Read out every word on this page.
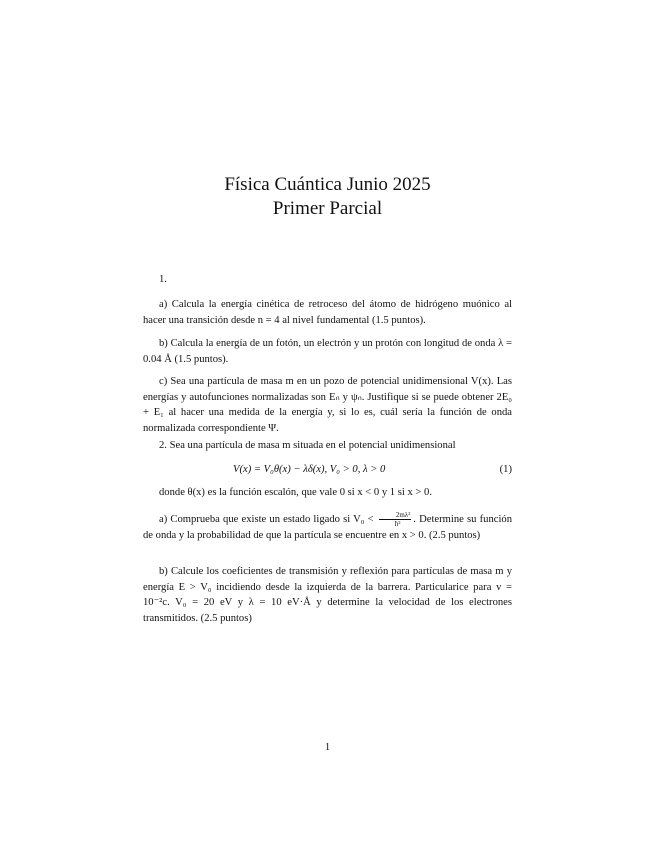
Física Cuántica Junio 2025
Primer Parcial
1.
a) Calcula la energía cinética de retroceso del átomo de hidrógeno muónico al hacer una transición desde n = 4 al nivel fundamental (1.5 puntos).
b) Calcula la energía de un fotón, un electrón y un protón con longitud de onda λ = 0.04 Å (1.5 puntos).
c) Sea una partícula de masa m en un pozo de potencial unidimensional V(x). Las energías y autofunciones normalizadas son Eₙ y ψₙ. Justifique si se puede obtener 2E₀ + E₁ al hacer una medida de la energía y, si lo es, cuál sería la función de onda normalizada correspondiente Ψ.
2. Sea una partícula de masa m situada en el potencial unidimensional
V(x) = V₀θ(x) − λδ(x), V₀ > 0, λ > 0	(1)
donde θ(x) es la función escalón, que vale 0 si x < 0 y 1 si x > 0.
a) Comprueba que existe un estado ligado si $V_0 < \frac{\text{2mλ²}}{\text{ħ²}}$ . Determine su función de onda y la probabilidad de que la partícula se encuentre en x > 0. (2.5 puntos)
b) Calcule los coeficientes de transmisión y reflexión para partículas de masa m y energía E > V₀ incidiendo desde la izquierda de la barrera. Particularice para v = 10⁻²c. V₀ = 20 eV y λ = 10 eV·Å y determine la velocidad de los electrones transmitidos. (2.5 puntos)
1
